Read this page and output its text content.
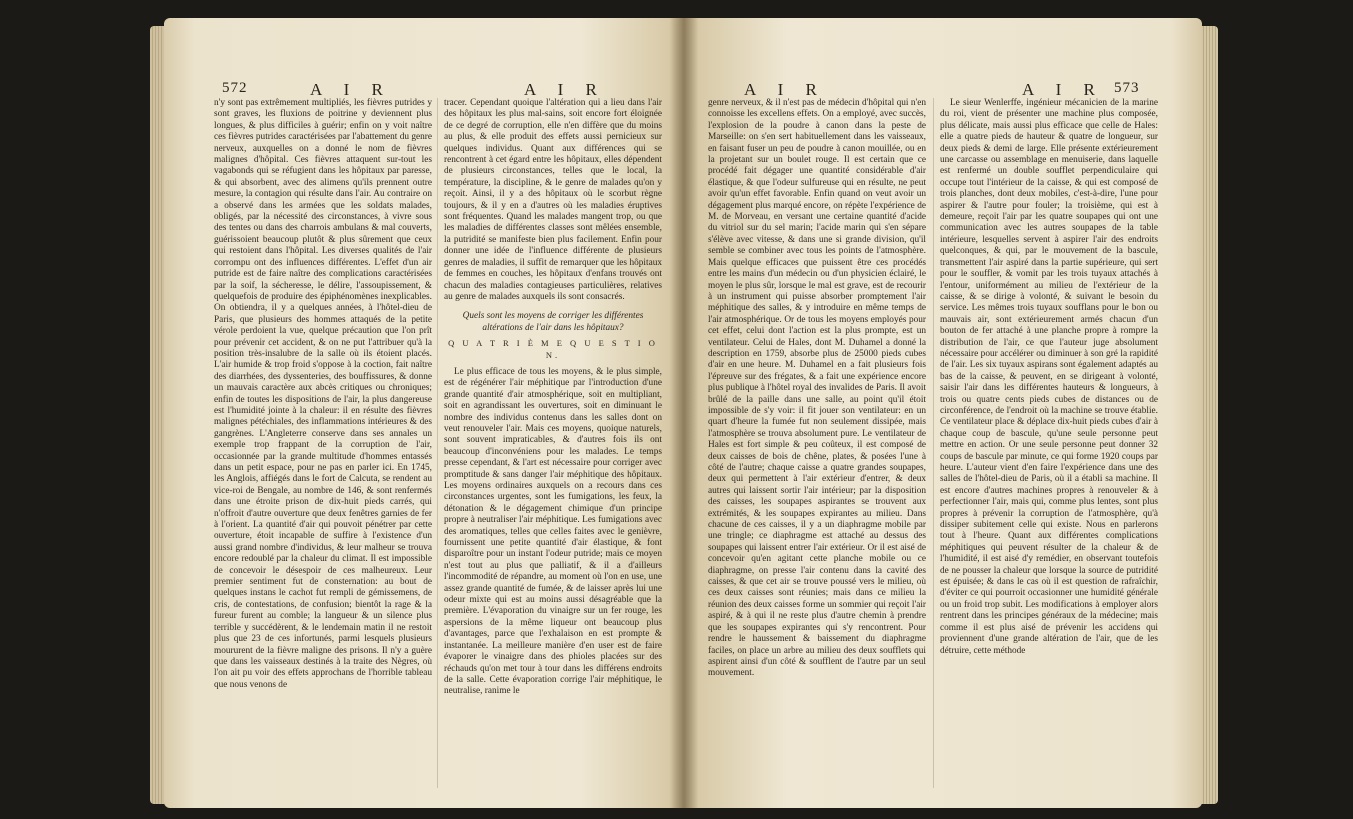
572	A I R	A I R

n'y sont pas extrêmement multipliés, les fièvres putrides y sont graves, les fluxions de poitrine y deviennent plus longues, & plus difficiles à guérir; enfin on y voit naître ces fièvres putrides caractérisées par l'abattement du genre nerveux, auxquelles on a donné le nom de fièvres malignes d'hôpital. Ces fièvres attaquent sur-tout les vagabonds qui se réfugient dans les hôpitaux par paresse, & qui absorbent, avec des alimens qu'ils prennent outre mesure, la contagion qui résulte dans l'air. Au contraire on a observé dans les armées que les soldats malades, obligés, par la nécessité des circonstances, à vivre sous des tentes ou dans des charrois ambulans & mal couverts, guérissoient beaucoup plutôt & plus sûrement que ceux qui restoient dans l'hôpital. Les diverses qualités de l'air corrompu ont des influences différentes. L'effet d'un air putride est de faire naître des complications caractérisées par la soif, la sécheresse, le délire, l'assoupissement, & quelquefois de produire des épiphénomènes inexplicables. On obtiendra, il y a quelques années, à l'hôtel-dieu de Paris, que plusieurs des hommes attaqués de la petite vérole perdoient la vue, quelque précaution que l'on prît pour prévenir cet accident, & on ne put l'attribuer qu'à la position très-insalubre de la salle où ils étoient placés. L'air humide & trop froid s'oppose à la coction, fait naître des diarrhées, des dyssenteries, des bouffissures, & donne un mauvais caractère aux abcès critiques ou chroniques; enfin de toutes les dispositions de l'air, la plus dangereuse est l'humidité jointe à la chaleur: il en résulte des fièvres malignes pétéchiales, des inflammations intérieures & des gangrènes. L'Angleterre conserve dans ses annales un exemple trop frappant de la corruption de l'air, occasionnée par la grande multitude d'hommes entassés dans un petit espace, pour ne pas en parler ici. En 1745, les Anglois, affiégés dans le fort de Calcuta, se rendent au vice-roi de Bengale, au nombre de 146, & sont renfermés dans une étroite prison de dix-huit pieds carrés, qui n'offroit d'autre ouverture que deux fenêtres garnies de fer à l'orient. La quantité d'air qui pouvoit pénétrer par cette ouverture, étoit incapable de suffire à l'existence d'un aussi grand nombre d'individus, & leur malheur se trouva encore redoublé par la chaleur du climat. Il est impossible de concevoir le désespoir de ces malheureux. Leur premier sentiment fut de consternation: au bout de quelques instans le cachot fut rempli de gémissemens, de cris, de contestations, de confusion; bientôt la rage & la fureur furent au comble; la langueur & un silence plus terrible y succédèrent, & le lendemain matin il ne restoit plus que 23 de ces infortunés, parmi lesquels plusieurs moururent de la fièvre maligne des prisons. Il n'y a guère que dans les vaisseaux destinés à la traite des Nègres, où l'on ait pu voir des effets approchans de l'horrible tableau que nous venons de

tracer. Cependant quoique l'altération qui a lieu dans l'air des hôpitaux les plus mal-sains, soit encore fort éloignée de ce degré de corruption, elle n'en diffère que du moins au plus, & elle produit des effets aussi pernicieux sur quelques individus. Quant aux différences qui se rencontrent à cet égard entre les hôpitaux, elles dépendent de plusieurs circonstances, telles que le local, la température, la discipline, & le genre de malades qu'on y reçoit. Ainsi, il y a des hôpitaux où le scorbut règne toujours, & il y en a d'autres où les maladies éruptives sont fréquentes. Quand les malades mangent trop, ou que les maladies de différentes classes sont mêlées ensemble, la putridité se manifeste bien plus facilement. Enfin pour donner une idée de l'influence différente de plusieurs genres de maladies, il suffit de remarquer que les hôpitaux de femmes en couches, les hôpitaux d'enfans trouvés ont chacun des maladies contagieuses particulières, relatives au genre de malades auxquels ils sont consacrés.

Quels sont les moyens de corriger les différentes altérations de l'air dans les hôpitaux?

Q U A T R I È M E Q U E S T I O N.

Le plus efficace de tous les moyens, & le plus simple, est de régénérer l'air méphitique par l'introduction d'une grande quantité d'air atmosphérique, soit en multipliant, soit en agrandissant les ouvertures, soit en diminuant le nombre des individus contenus dans les salles dont on veut renouveler l'air. Mais ces moyens, quoique naturels, sont souvent impraticables, & d'autres fois ils ont beaucoup d'inconvéniens pour les malades. Le temps presse cependant, & l'art est nécessaire pour corriger avec promptitude & sans danger l'air méphitique des hôpitaux. Les moyens ordinaires auxquels on a recours dans ces circonstances urgentes, sont les fumigations, les feux, la détonation & le dégagement chimique d'un principe propre à neutraliser l'air méphitique. Les fumigations avec des aromatiques, telles que celles faites avec le genièvre, fournissent une petite quantité d'air élastique, & font disparoître pour un instant l'odeur putride; mais ce moyen n'est tout au plus que palliatif, & il a d'ailleurs l'incommodité de répandre, au moment où l'on en use, une assez grande quantité de fumée, & de laisser après lui une odeur mixte qui est au moins aussi désagréable que la première. L'évaporation du vinaigre sur un fer rouge, les aspersions de la même liqueur ont beaucoup plus d'avantages, parce que l'exhalaison en est prompte & instantanée. La meilleure manière d'en user est de faire évaporer le vinaigre dans des phioles placées sur des réchauds qu'on met tour à tour dans les différens endroits de la salle. Cette évaporation corrige l'air méphitique, le neutralise, ranime le

A I R	A I R 573

genre nerveux, & il n'est pas de médecin d'hôpital qui n'en connoisse les excellens effets. On a employé, avec succès, l'explosion de la poudre à canon dans la peste de Marseille: on s'en sert habituellement dans les vaisseaux, en faisant fuser un peu de poudre à canon mouillée, ou en la projetant sur un boulet rouge. Il est certain que ce procédé fait dégager une quantité considérable d'air élastique, & que l'odeur sulfureuse qui en résulte, ne peut avoir qu'un effet favorable. Enfin quand on veut avoir un dégagement plus marqué encore, on répète l'expérience de M. de Morveau, en versant une certaine quantité d'acide du vitriol sur du sel marin; l'acide marin qui s'en sépare s'élève avec vitesse, & dans une si grande division, qu'il semble se combiner avec tous les points de l'atmosphère. Mais quelque efficaces que puissent être ces procédés entre les mains d'un médecin ou d'un physicien éclairé, le moyen le plus sûr, lorsque le mal est grave, est de recourir à un instrument qui puisse absorber promptement l'air méphitique des salles, & y introduire en même temps de l'air atmosphérique. Or de tous les moyens employés pour cet effet, celui dont l'action est la plus prompte, est un ventilateur. Celui de Hales, dont M. Duhamel a donné la description en 1759, absorbe plus de 25000 pieds cubes d'air en une heure. M. Duhamel en a fait plusieurs fois l'épreuve sur des frégates, & a fait une expérience encore plus publique à l'hôtel royal des invalides de Paris. Il avoit brûlé de la paille dans une salle, au point qu'il étoit impossible de s'y voir: il fit jouer son ventilateur: en un quart d'heure la fumée fut non seulement dissipée, mais l'atmosphère se trouva absolument pure. Le ventilateur de Hales est fort simple & peu coûteux, il est composé de deux caisses de bois de chêne, plates, & posées l'une à côté de l'autre; chaque caisse a quatre grandes soupapes, deux qui permettent à l'air extérieur d'entrer, & deux autres qui laissent sortir l'air intérieur; par la disposition des caisses, les soupapes aspirantes se trouvent aux extrémités, & les soupapes expirantes au milieu. Dans chacune de ces caisses, il y a un diaphragme mobile par une tringle; ce diaphragme est attaché au dessus des soupapes qui laissent entrer l'air extérieur. Or il est aisé de concevoir qu'en agitant cette planche mobile ou ce diaphragme, on presse l'air contenu dans la cavité des caisses, & que cet air se trouve poussé vers le milieu, où ces deux caisses sont réunies; mais dans ce milieu la réunion des deux caisses forme un sommier qui reçoit l'air aspiré, & à qui il ne reste plus d'autre chemin à prendre que les soupapes expirantes qui s'y rencontrent. Pour rendre le haussement & baissement du diaphragme faciles, on place un arbre au milieu des deux soufflets qui aspirent ainsi d'un côté & soufflent de l'autre par un seul mouvement.

Le sieur Wenlerffe, ingénieur mécanicien de la marine du roi, vient de présenter une machine plus composée, plus délicate, mais aussi plus efficace que celle de Hales: elle a quatre pieds de hauteur & quatre de longueur, sur deux pieds & demi de large. Elle présente extérieurement une carcasse ou assemblage en menuiserie, dans laquelle est renfermé un double soufflet perpendiculaire qui occupe tout l'intérieur de la caisse, & qui est composé de trois planches, dont deux mobiles, c'est-à-dire, l'une pour aspirer & l'autre pour fouler; la troisième, qui est à demeure, reçoit l'air par les quatre soupapes qui ont une communication avec les autres soupapes de la table intérieure, lesquelles servent à aspirer l'air des endroits quelconques, & qui, par le mouvement de la bascule, transmettent l'air aspiré dans la partie supérieure, qui sert pour le souffler, & vomit par les trois tuyaux attachés à l'entour, uniformément au milieu de l'extérieur de la caisse, & se dirige à volonté, & suivant le besoin du service. Les mêmes trois tuyaux soufflans pour le bon ou mauvais air, sont extérieurement armés chacun d'un bouton de fer attaché à une planche propre à rompre la distribution de l'air, ce que l'auteur juge absolument nécessaire pour accélérer ou diminuer à son gré la rapidité de l'air. Les six tuyaux aspirans sont également adaptés au bas de la caisse, & peuvent, en se dirigeant à volonté, saisir l'air dans les différentes hauteurs & longueurs, à trois ou quatre cents pieds cubes de distances ou de circonférence, de l'endroit où la machine se trouve établie. Ce ventilateur place & déplace dix-huit pieds cubes d'air à chaque coup de bascule, qu'une seule personne peut mettre en action. Or une seule personne peut donner 32 coups de bascule par minute, ce qui forme 1920 coups par heure. L'auteur vient d'en faire l'expérience dans une des salles de l'hôtel-dieu de Paris, où il a établi sa machine. Il est encore d'autres machines propres à renouveler & à perfectionner l'air, mais qui, comme plus lentes, sont plus propres à prévenir la corruption de l'atmosphère, qu'à dissiper subitement celle qui existe. Nous en parlerons tout à l'heure. Quant aux différentes complications méphitiques qui peuvent résulter de la chaleur & de l'humidité, il est aisé d'y remédier, en observant toutefois de ne pousser la chaleur que lorsque la source de putridité est épuisée; & dans le cas où il est question de rafraîchir, d'éviter ce qui pourroit occasionner une humidité générale ou un froid trop subit. Les modifications à employer alors rentrent dans les principes généraux de la médecine; mais comme il est plus aisé de prévenir les accidens qui proviennent d'une grande altération de l'air, que de les détruire, cette méthode
